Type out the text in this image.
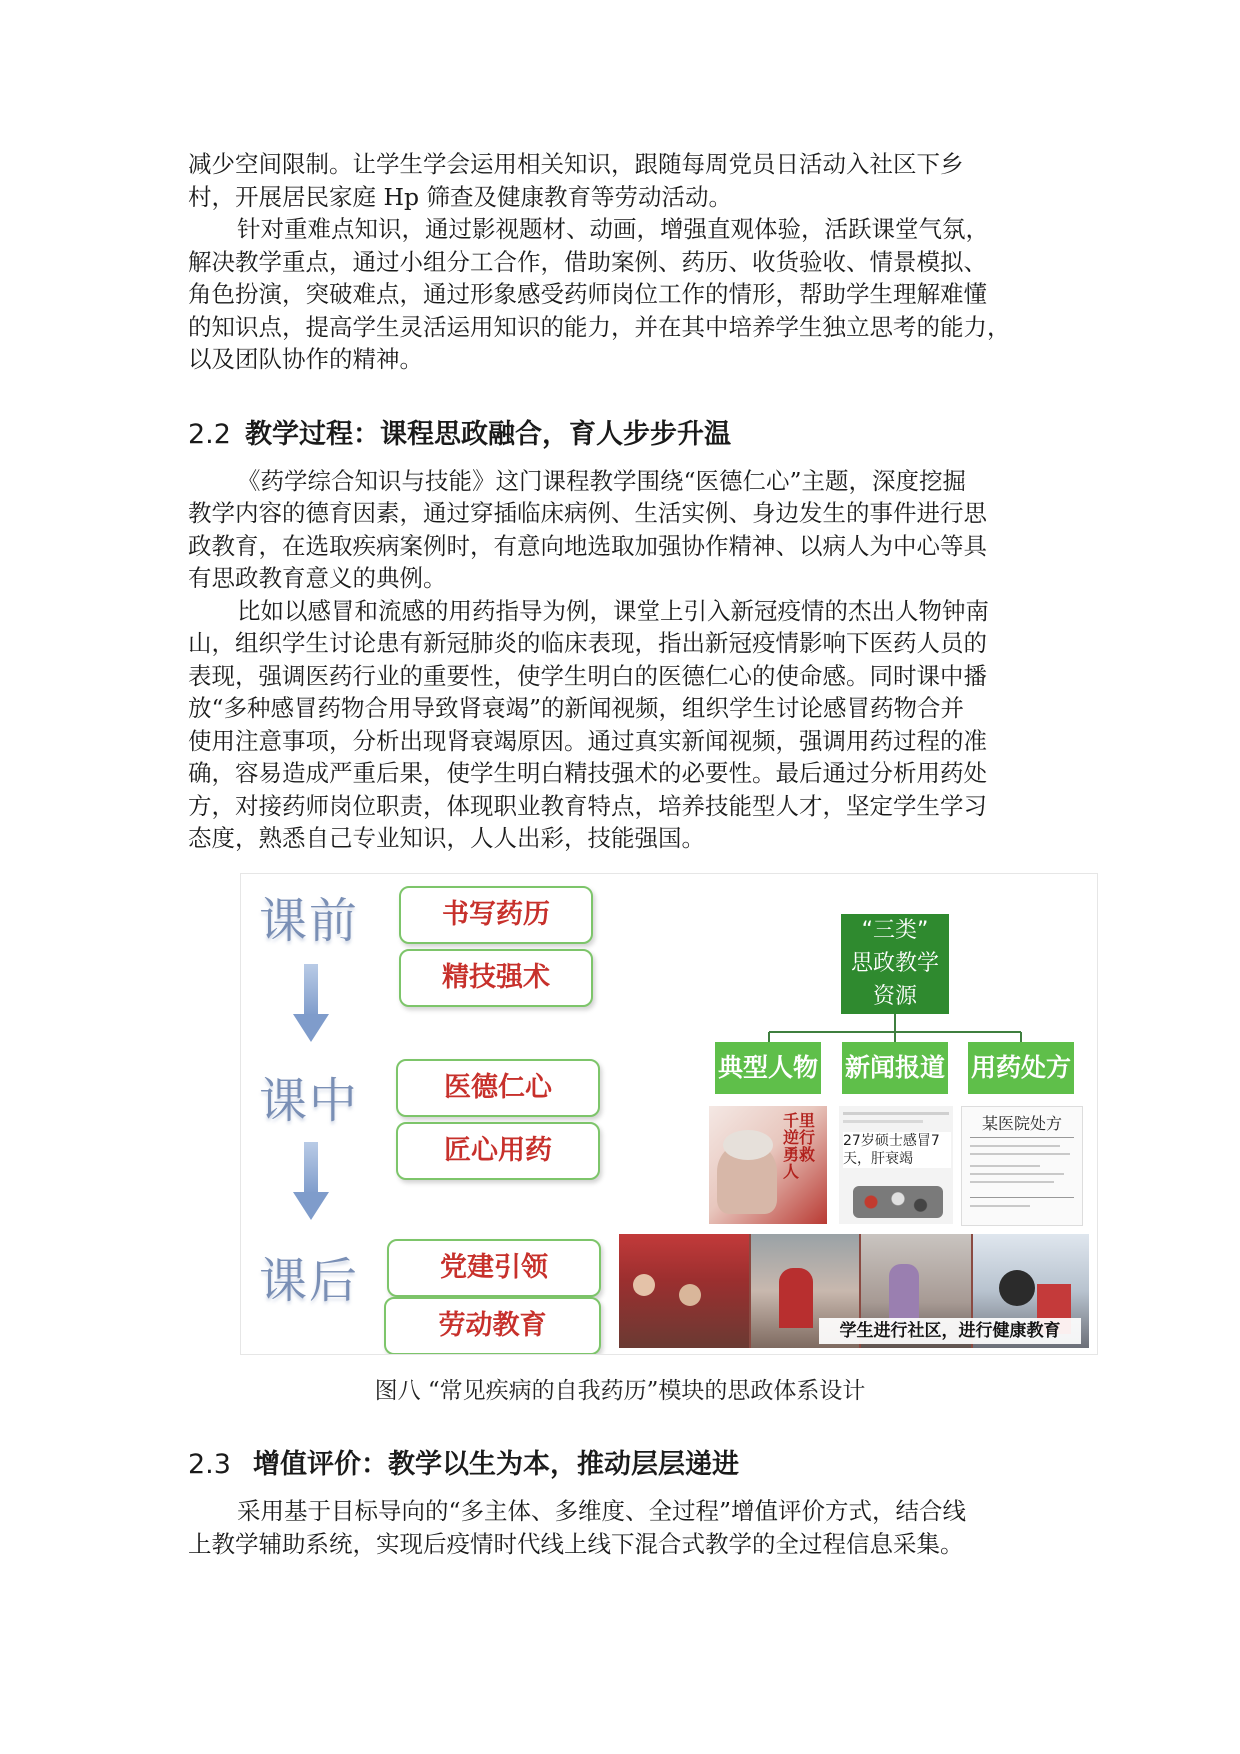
减少空间限制。让学生学会运用相关知识，跟随每周党员日活动入社区下乡
村，开展居民家庭 Hp 筛查及健康教育等劳动活动。

针对重难点知识，通过影视题材、动画，增强直观体验，活跃课堂气氛，
解决教学重点，通过小组分工合作，借助案例、药历、收货验收、情景模拟、
角色扮演，突破难点，通过形象感受药师岗位工作的情形，帮助学生理解难懂
的知识点，提高学生灵活运用知识的能力，并在其中培养学生独立思考的能力，
以及团队协作的精神。

2.2 教学过程：课程思政融合，育人步步升温

《药学综合知识与技能》这门课程教学围绕“医德仁心”主题，深度挖掘
教学内容的德育因素，通过穿插临床病例、生活实例、身边发生的事件进行思
政教育，在选取疾病案例时，有意向地选取加强协作精神、以病人为中心等具
有思政教育意义的典例。

比如以感冒和流感的用药指导为例，课堂上引入新冠疫情的杰出人物钟南
山，组织学生讨论患有新冠肺炎的临床表现，指出新冠疫情影响下医药人员的
表现，强调医药行业的重要性，使学生明白的医德仁心的使命感。同时课中播
放“多种感冒药物合用导致肾衰竭”的新闻视频，组织学生讨论感冒药物合并
使用注意事项，分析出现肾衰竭原因。通过真实新闻视频，强调用药过程的准
确，容易造成严重后果，使学生明白精技强术的必要性。最后通过分析用药处
方，对接药师岗位职责，体现职业教育特点，培养技能型人才，坚定学生学习
态度，熟悉自己专业知识，人人出彩，技能强国。

课前
课中
课后
书写药历
精技强术
医德仁心
匠心用药
党建引领
劳动教育
“三类”
思政教学
资源
典型人物 新闻报道 用药处方
千里逆行勇救人
27岁硕士感冒7天，肝衰竭
某医院处方
学生进行社区，进行健康教育
图八 “常见疾病的自我药历”模块的思政体系设计
2.3 增值评价：教学以生为本，推动层层递进

采用基于目标导向的“多主体、多维度、全过程”增值评价方式，结合线
上教学辅助系统，实现后疫情时代线上线下混合式教学的全过程信息采集。
